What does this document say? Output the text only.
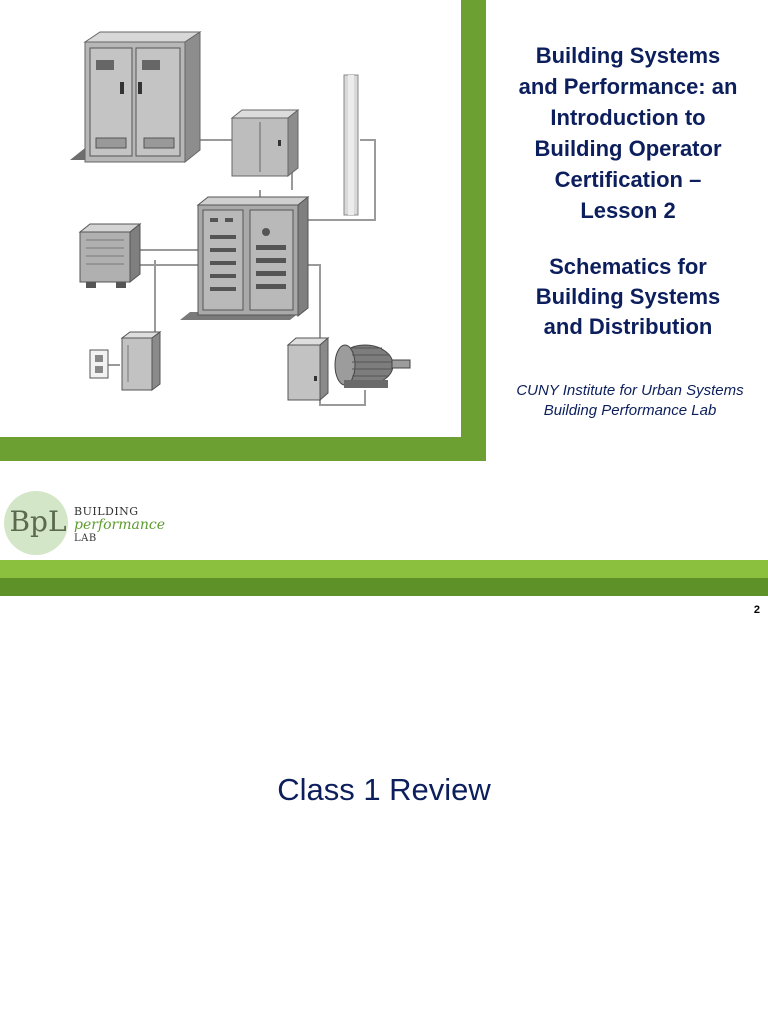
Building Systems

and Performance: an

Introduction to

Building Operator

Certification –

Lesson 2

Schematics for
Building Systems
and Distribution
CUNY Institute for Urban Systems
Building Performance Lab
BpL BUILDING
performance
LAB
2
Class 1 Review
